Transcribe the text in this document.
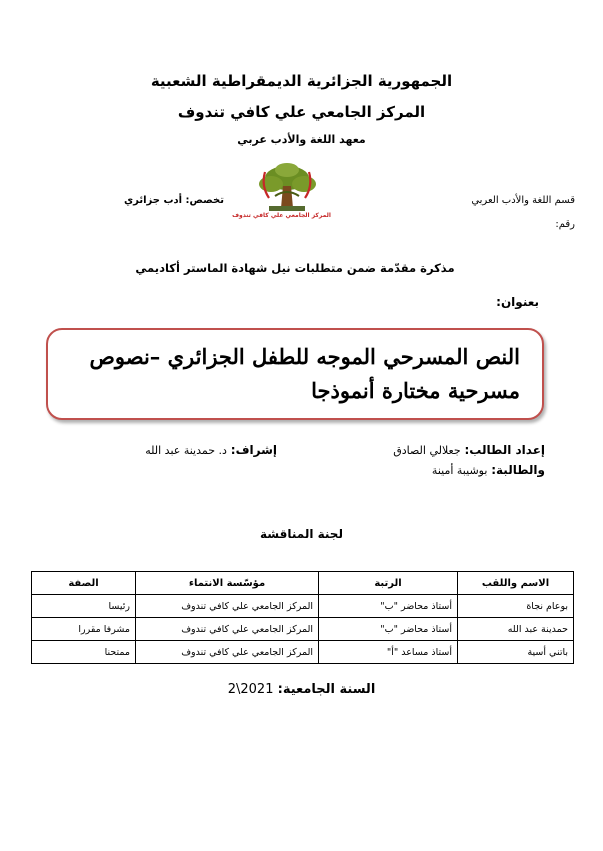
الجمهورية الجزائرية الديمقراطية الشعبية
المركز الجامعي علي كافي تندوف
معهد اللغة والأدب عربي
قسم اللغة والأدب العربي
تخصص: أدب جزائري
رقم:
المركز الجامعي علي كافي تندوف
مذكرة مقدّمة ضمن متطلبات نيل شهادة الماستر أكاديمي
بعنوان:
النص المسرحي الموجه للطفل الجزائري –نصوص مسرحية مختارة أنموذجا
إعداد الطالب: جعلالي الصادق
والطالبة: بوشيبة أمينة
إشراف: د. حمدينة عبد الله
لجنة المناقشة
الاسم واللقب	الرتبة	مؤسّسة الانتماء	الصفة
بوعام نجاة	أستاذ محاضر "ب"	المركز الجامعي علي كافي تندوف	رئيسا
حمدينة عبد الله	أستاذ محاضر "ب"	المركز الجامعي علي كافي تندوف	مشرفا مقررا
باتني أسية	أستاذ مساعد "أ"	المركز الجامعي علي كافي تندوف	ممتحنا
السنة الجامعية: 2021\2
